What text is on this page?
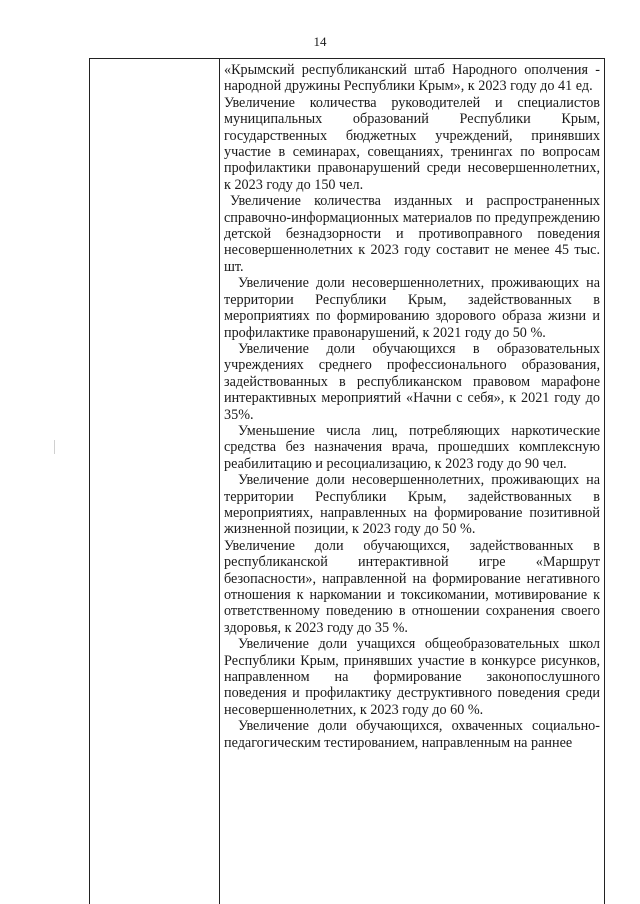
14

«Крымский республиканский штаб Народного ополчения - народной дружины Республики Крым», к 2023 году до 41 ед.

Увеличение количества руководителей и специалистов муниципальных образований Республики Крым, государственных бюджетных учреждений, принявших участие в семинарах, совещаниях, тренингах по вопросам профилактики правонарушений среди несовершеннолетних, к 2023 году до 150 чел.

Увеличение количества изданных и распространенных справочно-информационных материалов по предупреждению детской безнадзорности и противоправного поведения несовершеннолетних к 2023 году составит не менее 45 тыс. шт.

Увеличение доли несовершеннолетних, проживающих на территории Республики Крым, задействованных в мероприятиях по формированию здорового образа жизни и профилактике правонарушений, к 2021 году до 50 %.

Увеличение доли обучающихся в образовательных учреждениях среднего профессионального образования, задействованных в республиканском правовом марафоне интерактивных мероприятий «Начни с себя», к 2021 году до 35%.

Уменьшение числа лиц, потребляющих наркотические средства без назначения врача, прошедших комплексную реабилитацию и ресоциализацию, к 2023 году до 90 чел.

Увеличение доли несовершеннолетних, проживающих на территории Республики Крым, задействованных в мероприятиях, направленных на формирование позитивной жизненной позиции, к 2023 году до 50 %.

Увеличение доли обучающихся, задействованных в республиканской интерактивной игре «Маршрут безопасности», направленной на формирование негативного отношения к наркомании и токсикомании, мотивирование к ответственному поведению в отношении сохранения своего здоровья, к 2023 году до 35 %.

Увеличение доли учащихся общеобразовательных школ Республики Крым, принявших участие в конкурсе рисунков, направленном на формирование законопослушного поведения и профилактику деструктивного поведения среди несовершеннолетних, к 2023 году до 60 %.

Увеличение доли обучающихся, охваченных социально-педагогическим тестированием, направленным на раннее
